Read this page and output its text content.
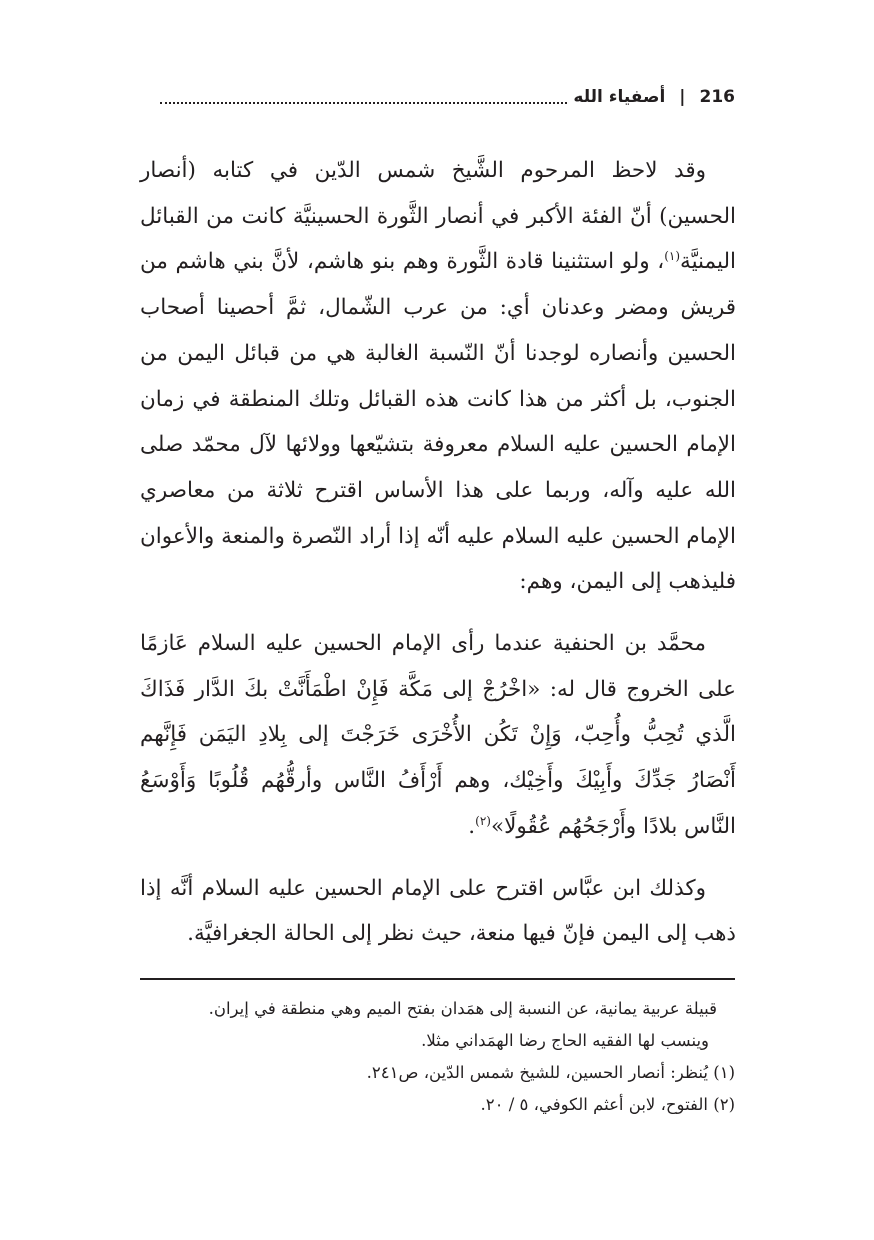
216
|
أصفياء الله

وقد لاحظ المرحوم الشَّيخ شمس الدّين في كتابه (أنصار الحسين) أنّ الفئة الأكبر في أنصار الثَّورة الحسينيَّة كانت من القبائل اليمنيَّة$^{(١)}$، ولو استثنينا قادة الثَّورة وهم بنو هاشم، لأنَّ بني هاشم من قريش ومضر وعدنان أي: من عرب الشّمال، ثمَّ أحصينا أصحاب الحسين وأنصاره لوجدنا أنّ النّسبة الغالبة هي من قبائل اليمن من الجنوب، بل أكثر من هذا كانت هذه القبائل وتلك المنطقة في زمان الإمام الحسين عليه السلام معروفة بتشيّعها وولائها لآل محمّد صلى الله عليه وآله، وربما على هذا الأساس اقترح ثلاثة من معاصري الإمام الحسين عليه السلام عليه أنّه إذا أراد النّصرة والمنعة والأعوان فليذهب إلى اليمن، وهم:

محمَّد بن الحنفية عندما رأى الإمام الحسين عليه السلام عَازمًا على الخروج قال له: «اخْرُجْ إلى مَكَّة فَإِنْ اطْمَأَنَّتْ بكَ الدَّار فَذَاكَ الَّذي تُحِبُّ وأُحِبّ، وَإِنْ تَكُن الأُخْرَى خَرَجْتَ إلى بِلادِ اليَمَن فَإِنَّهم أَنْصَارُ جَدِّكَ وأَبِيْكَ وأَخِيْك، وهم أَرْأَفُ النَّاس وأرقُّهُم قُلُوبًا وَأَوْسَعُ النَّاس بلادًا وأَرْجَحُهُم عُقُولًا»$^{(٢)}$.

وكذلك ابن عبَّاس اقترح على الإمام الحسين عليه السلام أنَّه إذا ذهب إلى اليمن فإنّ فيها منعة، حيث نظر إلى الحالة الجغرافيَّة.

قبيلة عربية يمانية، عن النسبة إلى همَدان بفتح الميم وهي منطقة في إيران.

وينسب لها الفقيه الحاج رضا الهمَداني مثلا.

(١) يُنظر: أنصار الحسين، للشيخ شمس الدّين، ص٢٤١.

(٢) الفتوح، لابن أعثم الكوفي، ٥ / ٢٠.
